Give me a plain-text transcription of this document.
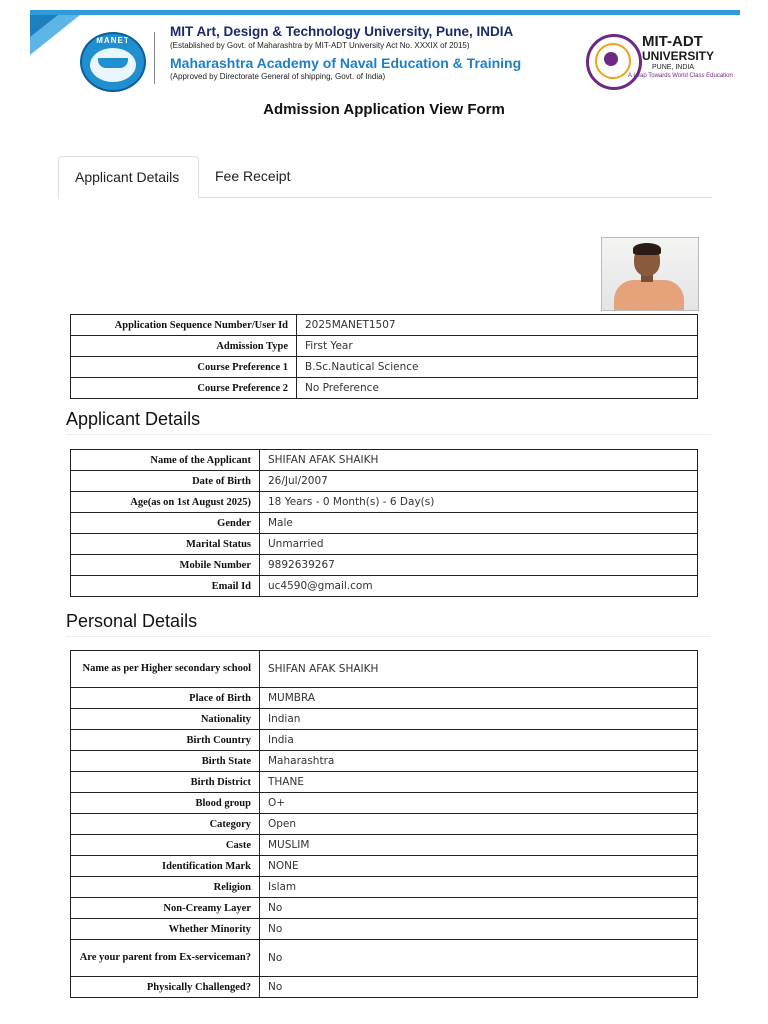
MANET
MIT Art, Design & Technology University, Pune, INDIA
(Established by Govt. of Maharashtra by MIT-ADT University Act No. XXXIX of 2015)
Maharashtra Academy of Naval Education & Training
(Approved by Directorate General of shipping, Govt. of India)
MIT-ADT
UNIVERSITY
PUNE, INDIA
A Leap Towards World Class Education
Admission Application View Form
Applicant Details	Fee Receipt
Application Sequence Number/User Id	2025MANET1507
Admission Type	First Year
Course Preference 1	B.Sc.Nautical Science
Course Preference 2	No Preference
Applicant Details
Name of the Applicant	SHIFAN AFAK SHAIKH
Date of Birth	26/Jul/2007
Age(as on 1st August 2025)	18 Years - 0 Month(s) - 6 Day(s)
Gender	Male
Marital Status	Unmarried
Mobile Number	9892639267
Email Id	uc4590@gmail.com
Personal Details
Name as per Higher secondary school	SHIFAN AFAK SHAIKH
Place of Birth	MUMBRA
Nationality	Indian
Birth Country	India
Birth State	Maharashtra
Birth District	THANE
Blood group	O+
Category	Open
Caste	MUSLIM
Identification Mark	NONE
Religion	Islam
Non-Creamy Layer	No
Whether Minority	No
Are your parent from Ex-serviceman?	No
Physically Challenged?	No
